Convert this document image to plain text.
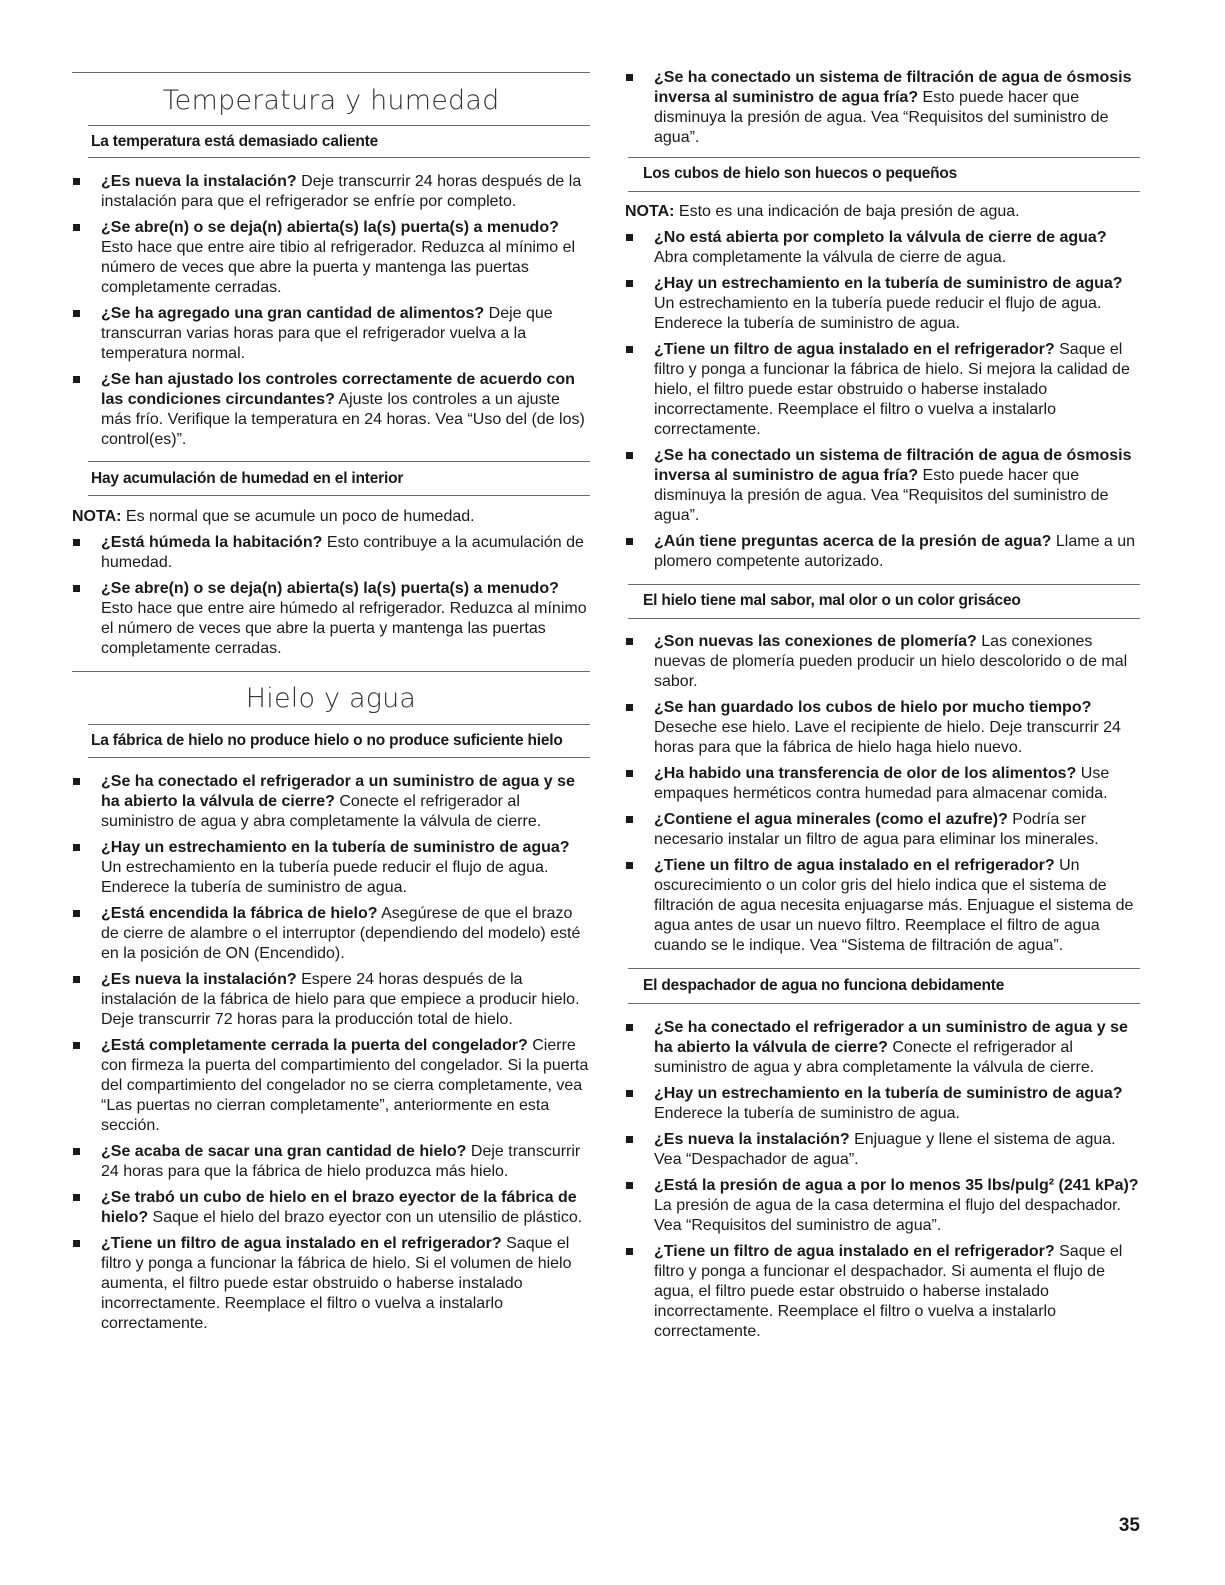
Temperatura y humedad
La temperatura está demasiado caliente
¿Es nueva la instalación? Deje transcurrir 24 horas después de la instalación para que el refrigerador se enfríe por completo.
¿Se abre(n) o se deja(n) abierta(s) la(s) puerta(s) a menudo? Esto hace que entre aire tibio al refrigerador. Reduzca al mínimo el número de veces que abre la puerta y mantenga las puertas completamente cerradas.
¿Se ha agregado una gran cantidad de alimentos? Deje que transcurran varias horas para que el refrigerador vuelva a la temperatura normal.
¿Se han ajustado los controles correctamente de acuerdo con las condiciones circundantes? Ajuste los controles a un ajuste más frío. Verifique la temperatura en 24 horas. Vea “Uso del (de los) control(es)”.
Hay acumulación de humedad en el interior
NOTA: Es normal que se acumule un poco de humedad.
¿Está húmeda la habitación? Esto contribuye a la acumulación de humedad.
¿Se abre(n) o se deja(n) abierta(s) la(s) puerta(s) a menudo? Esto hace que entre aire húmedo al refrigerador. Reduzca al mínimo el número de veces que abre la puerta y mantenga las puertas completamente cerradas.
Hielo y agua
La fábrica de hielo no produce hielo o no produce suficiente hielo
¿Se ha conectado el refrigerador a un suministro de agua y se ha abierto la válvula de cierre? Conecte el refrigerador al suministro de agua y abra completamente la válvula de cierre.
¿Hay un estrechamiento en la tubería de suministro de agua? Un estrechamiento en la tubería puede reducir el flujo de agua. Enderece la tubería de suministro de agua.
¿Está encendida la fábrica de hielo? Asegúrese de que el brazo de cierre de alambre o el interruptor (dependiendo del modelo) esté en la posición de ON (Encendido).
¿Es nueva la instalación? Espere 24 horas después de la instalación de la fábrica de hielo para que empiece a producir hielo. Deje transcurrir 72 horas para la producción total de hielo.
¿Está completamente cerrada la puerta del congelador? Cierre con firmeza la puerta del compartimiento del congelador. Si la puerta del compartimiento del congelador no se cierra completamente, vea “Las puertas no cierran completamente”, anteriormente en esta sección.
¿Se acaba de sacar una gran cantidad de hielo? Deje transcurrir 24 horas para que la fábrica de hielo produzca más hielo.
¿Se trabó un cubo de hielo en el brazo eyector de la fábrica de hielo? Saque el hielo del brazo eyector con un utensilio de plástico.
¿Tiene un filtro de agua instalado en el refrigerador? Saque el filtro y ponga a funcionar la fábrica de hielo. Si el volumen de hielo aumenta, el filtro puede estar obstruido o haberse instalado incorrectamente. Reemplace el filtro o vuelva a instalarlo correctamente.
¿Se ha conectado un sistema de filtración de agua de ósmosis inversa al suministro de agua fría? Esto puede hacer que disminuya la presión de agua. Vea “Requisitos del suministro de agua”.
Los cubos de hielo son huecos o pequeños
NOTA: Esto es una indicación de baja presión de agua.
¿No está abierta por completo la válvula de cierre de agua? Abra completamente la válvula de cierre de agua.
¿Hay un estrechamiento en la tubería de suministro de agua? Un estrechamiento en la tubería puede reducir el flujo de agua. Enderece la tubería de suministro de agua.
¿Tiene un filtro de agua instalado en el refrigerador? Saque el filtro y ponga a funcionar la fábrica de hielo. Si mejora la calidad de hielo, el filtro puede estar obstruido o haberse instalado incorrectamente. Reemplace el filtro o vuelva a instalarlo correctamente.
¿Se ha conectado un sistema de filtración de agua de ósmosis inversa al suministro de agua fría? Esto puede hacer que disminuya la presión de agua. Vea “Requisitos del suministro de agua”.
¿Aún tiene preguntas acerca de la presión de agua? Llame a un plomero competente autorizado.
El hielo tiene mal sabor, mal olor o un color grisáceo
¿Son nuevas las conexiones de plomería? Las conexiones nuevas de plomería pueden producir un hielo descolorido o de mal sabor.
¿Se han guardado los cubos de hielo por mucho tiempo? Deseche ese hielo. Lave el recipiente de hielo. Deje transcurrir 24 horas para que la fábrica de hielo haga hielo nuevo.
¿Ha habido una transferencia de olor de los alimentos? Use empaques herméticos contra humedad para almacenar comida.
¿Contiene el agua minerales (como el azufre)? Podría ser necesario instalar un filtro de agua para eliminar los minerales.
¿Tiene un filtro de agua instalado en el refrigerador? Un oscurecimiento o un color gris del hielo indica que el sistema de filtración de agua necesita enjuagarse más. Enjuague el sistema de agua antes de usar un nuevo filtro. Reemplace el filtro de agua cuando se le indique. Vea “Sistema de filtración de agua”.
El despachador de agua no funciona debidamente
¿Se ha conectado el refrigerador a un suministro de agua y se ha abierto la válvula de cierre? Conecte el refrigerador al suministro de agua y abra completamente la válvula de cierre.
¿Hay un estrechamiento en la tubería de suministro de agua? Enderece la tubería de suministro de agua.
¿Es nueva la instalación? Enjuague y llene el sistema de agua. Vea “Despachador de agua”.
¿Está la presión de agua a por lo menos 35 lbs/pulg² (241 kPa)? La presión de agua de la casa determina el flujo del despachador. Vea “Requisitos del suministro de agua”.
¿Tiene un filtro de agua instalado en el refrigerador? Saque el filtro y ponga a funcionar el despachador. Si aumenta el flujo de agua, el filtro puede estar obstruido o haberse instalado incorrectamente. Reemplace el filtro o vuelva a instalarlo correctamente.
35
